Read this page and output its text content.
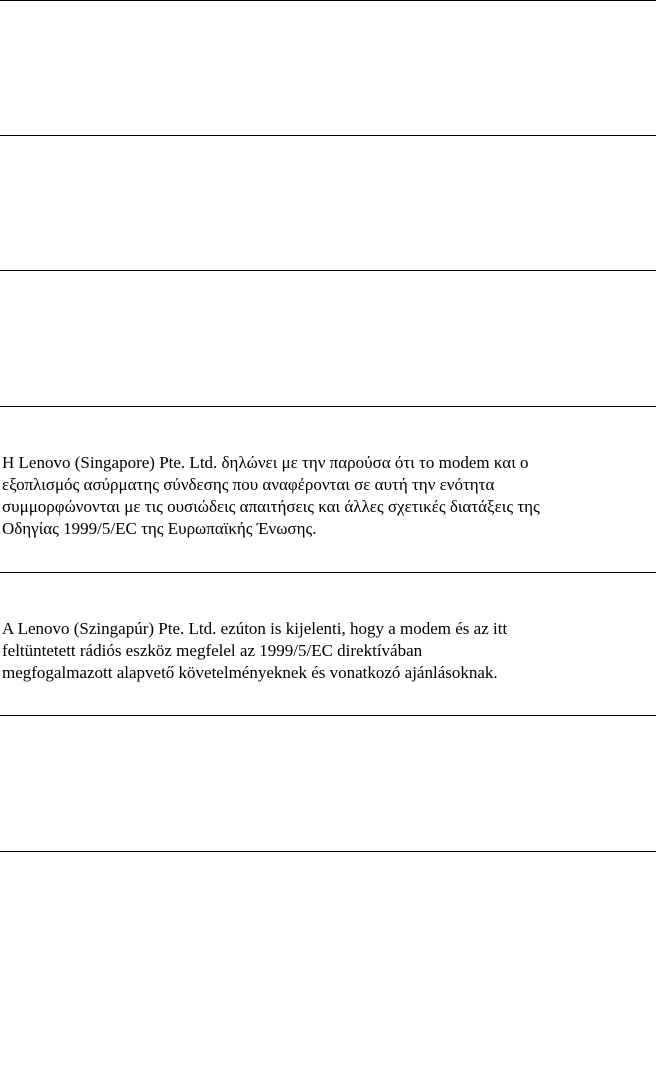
Η Lenovo (Singapore) Pte. Ltd. δηλώνει με την παρούσα ότι το modem και ο
εξοπλισμός ασύρματης σύνδεσης που αναφέρονται σε αυτή την ενότητα
συμμορφώνονται με τις ουσιώδεις απαιτήσεις και άλλες σχετικές διατάξεις της
Οδηγίας 1999/5/EC της Ευρωπαϊκής Ένωσης.

A Lenovo (Szingapúr) Pte. Ltd. ezúton is kijelenti, hogy a modem és az itt
feltüntetett rádiós eszköz megfelel az 1999/5/EC direktívában
megfogalmazott alapvető követelményeknek és vonatkozó ajánlásoknak.
